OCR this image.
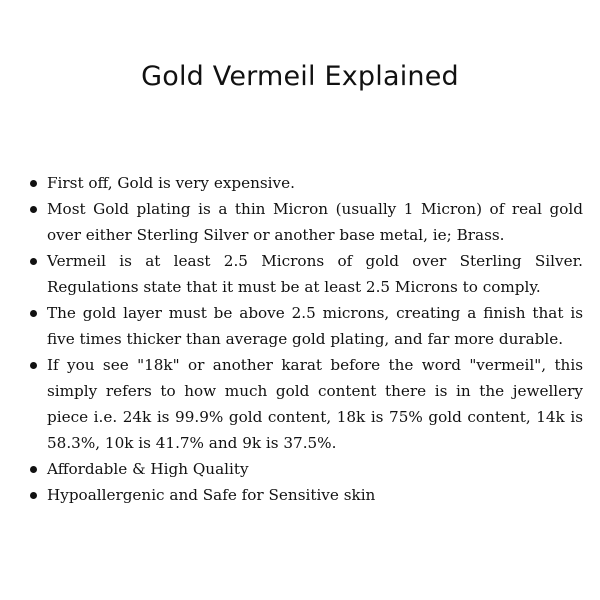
Gold Vermeil Explained
First off, Gold is very expensive.
Most Gold plating is a thin Micron (usually 1 Micron) of real gold over either Sterling Silver or another base metal, ie; Brass.
Vermeil is at least 2.5 Microns of gold over Sterling Silver. Regulations state that it must be at least 2.5 Microns to comply.
The gold layer must be above 2.5 microns, creating a finish that is five times thicker than average gold plating, and far more durable.
If you see "18k" or another karat before the word "vermeil", this simply refers to how much gold content there is in the jewellery piece i.e. 24k is 99.9% gold content, 18k is 75% gold content, 14k is 58.3%, 10k is 41.7% and 9k is 37.5%.
Affordable & High Quality
Hypoallergenic and Safe for Sensitive skin
